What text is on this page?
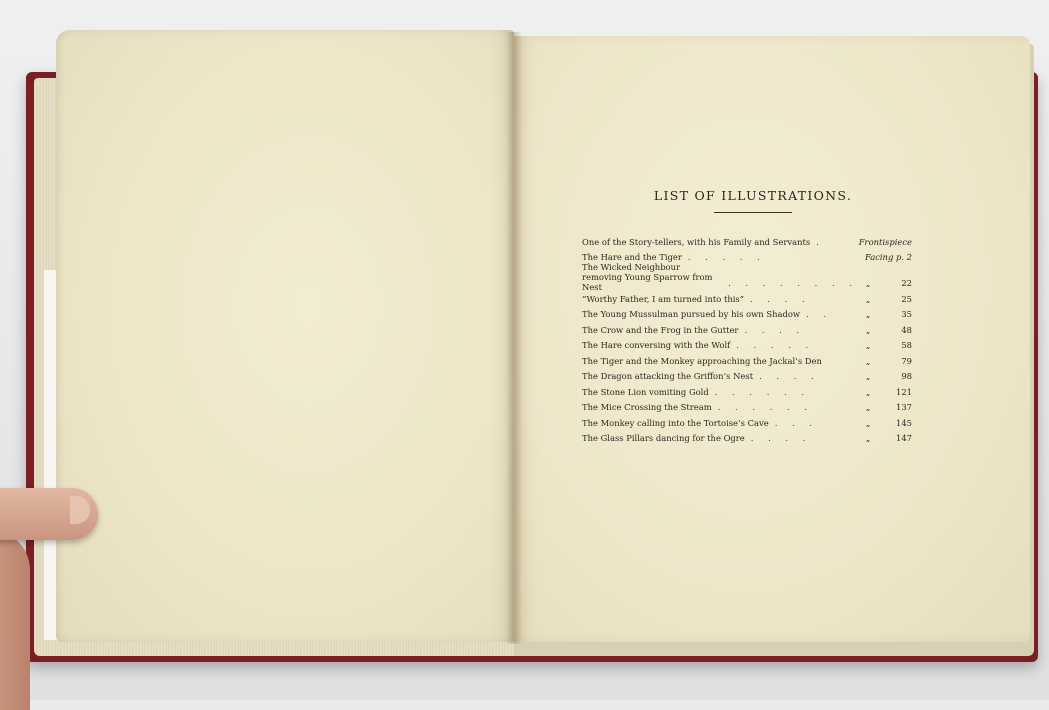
LIST OF ILLUSTRATIONS.
One of the Story-tellers, with his Family and Servants .	Frontispiece
The Hare and the Tiger . . . . .	Facing p. 2
The Wicked Neighbour removing Young Sparrow from Nest	. . . . . . . . „	22
“Worthy Father, I am turned into this” . . . .	„	25
The Young Mussulman pursued by his own Shadow . .	„	35
The Crow and the Frog in the Gutter . . . .	„	48
The Hare conversing with the Wolf . . . . .	„	58
The Tiger and the Monkey approaching the Jackal’s Den	„	79
The Dragon attacking the Griffon’s Nest . . . .	„	98
The Stone Lion vomiting Gold . . . . . .	„	121
The Mice Crossing the Stream . . . . . .	„	137
The Monkey calling into the Tortoise’s Cave . . .	„	145
The Glass Pillars dancing for the Ogre . . . .	„	147
